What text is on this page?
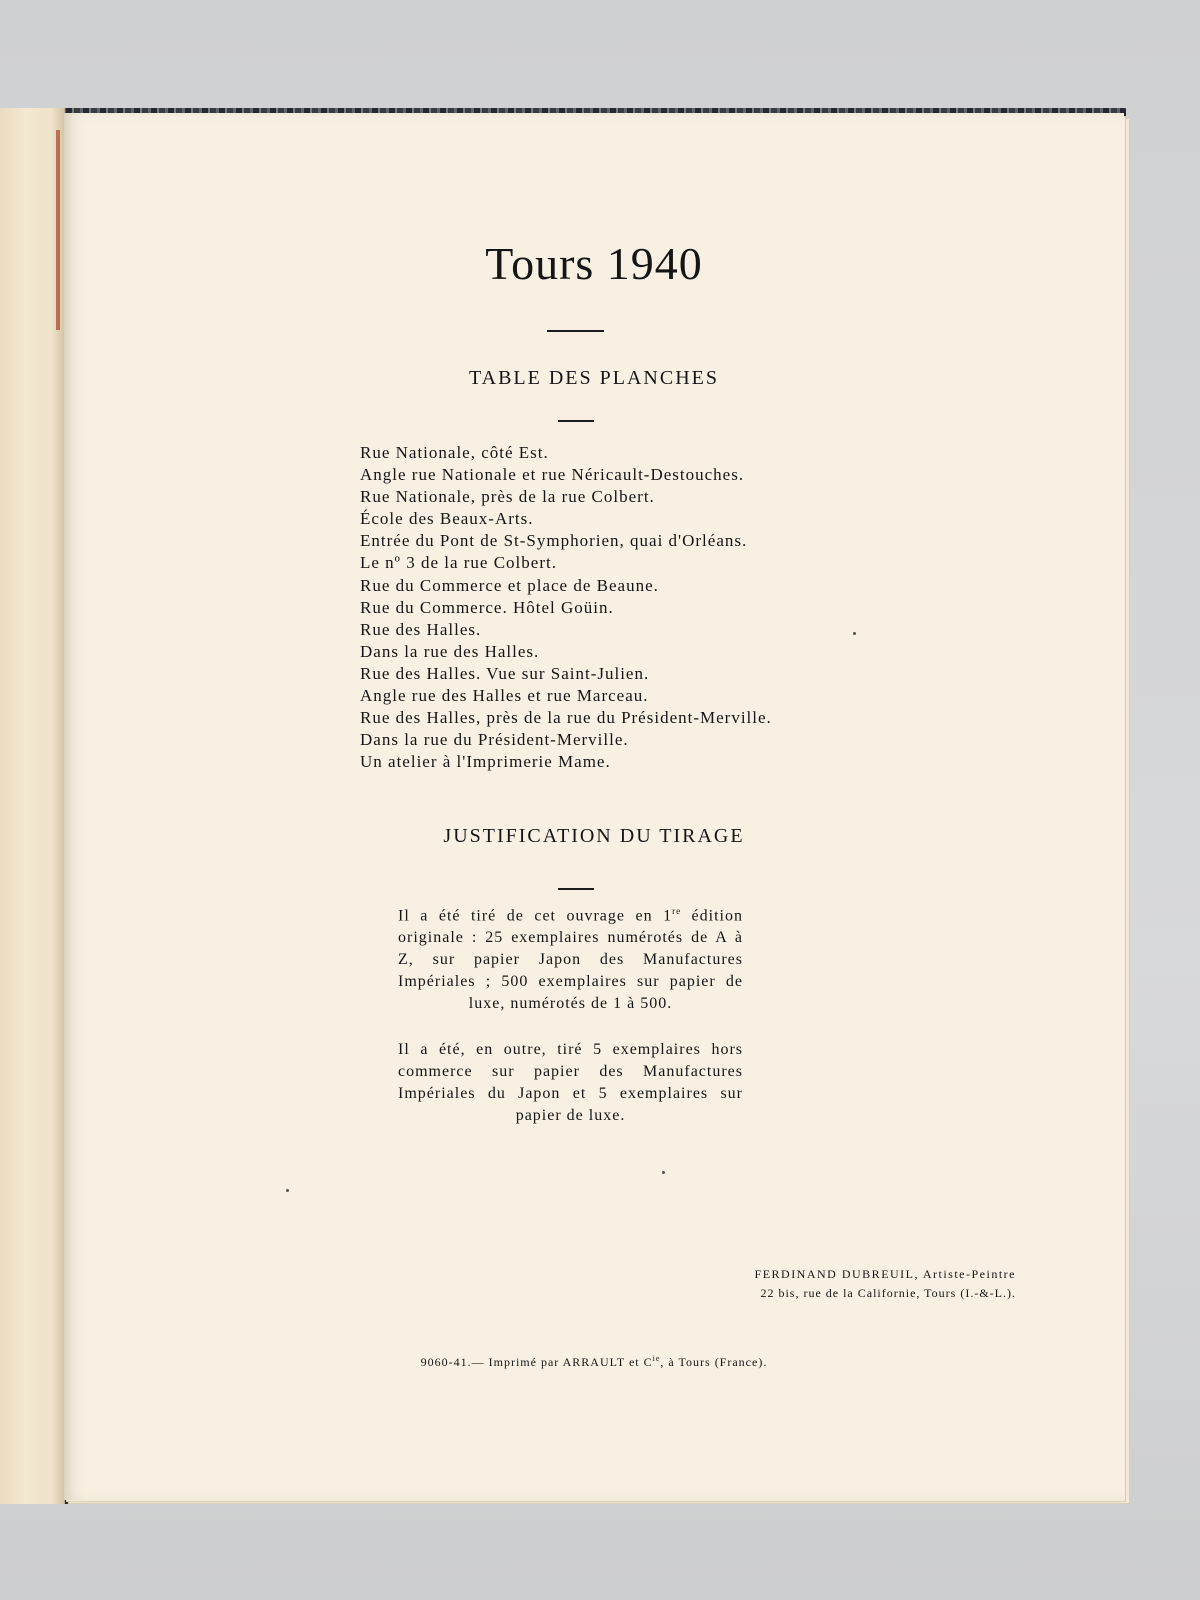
Tours 1940
TABLE DES PLANCHES
Rue Nationale, côté Est.
Angle rue Nationale et rue Néricault-Destouches.
Rue Nationale, près de la rue Colbert.
École des Beaux-Arts.
Entrée du Pont de St-Symphorien, quai d'Orléans.
Le nº 3 de la rue Colbert.
Rue du Commerce et place de Beaune.
Rue du Commerce. Hôtel Goüin.
Rue des Halles.
Dans la rue des Halles.
Rue des Halles. Vue sur Saint-Julien.
Angle rue des Halles et rue Marceau.
Rue des Halles, près de la rue du Président-Merville.
Dans la rue du Président-Merville.
Un atelier à l'Imprimerie Mame.
JUSTIFICATION DU TIRAGE
Il a été tiré de cet ouvrage en 1re édition originale : 25 exemplaires numérotés de A à Z, sur papier Japon des Manufactures Impériales ; 500 exemplaires sur papier de luxe, numérotés de 1 à 500.
Il a été, en outre, tiré 5 exemplaires hors commerce sur papier des Manufactures Impériales du Japon et 5 exemplaires sur papier de luxe.
FERDINAND DUBREUIL, Artiste-Peintre
22 bis, rue de la Californie, Tours (I.-&-L.).
9060-41.— Imprimé par ARRAULT et $C^{ie}$, à Tours (France).
